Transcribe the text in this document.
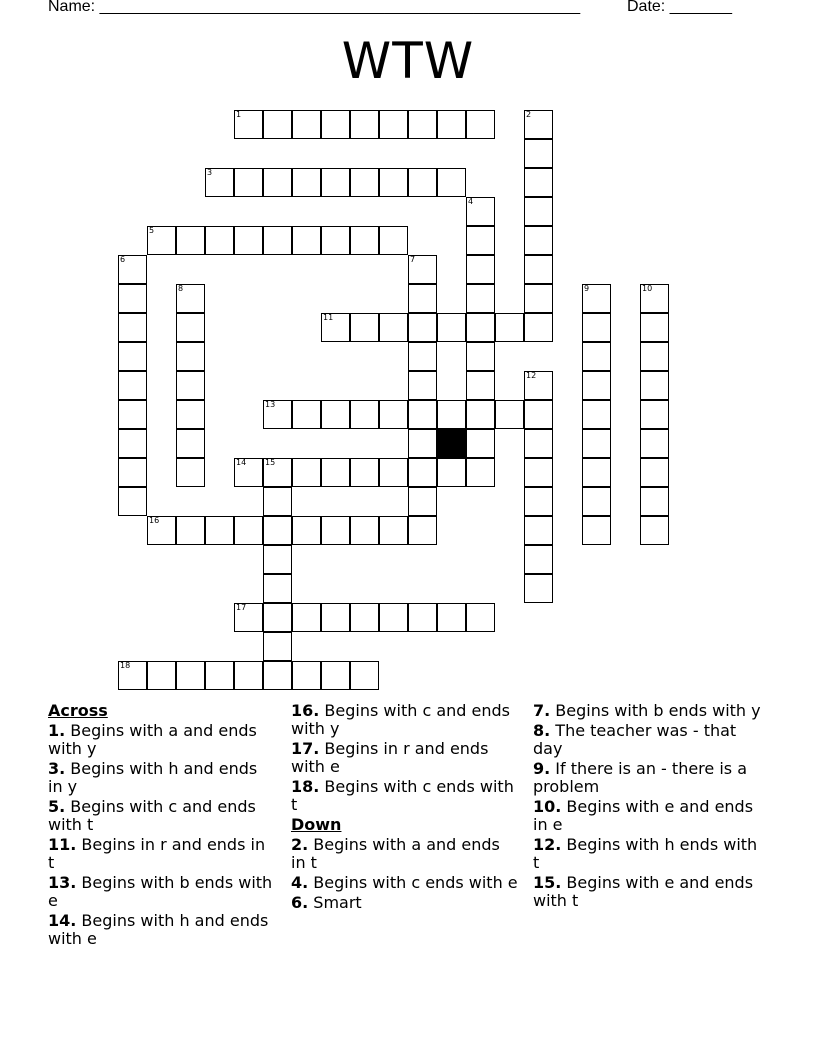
Name: ______________________________________________________	Date: _______
WTW
1
3
5
2
4
6	7
8	9	10
11
12
13
14 15
16
17
18
Across
1. Begins with a and ends with y
3. Begins with h and ends in y
5. Begins with c and ends with t
11. Begins in r and ends in t
13. Begins with b ends with e
14. Begins with h and ends with e
16. Begins with c and ends with y
17. Begins in r and ends with e
18. Begins with c ends with t
Down
2. Begins with a and ends in t
4. Begins with c ends with e
6. Smart
7. Begins with b ends with y
8. The teacher was - that day
9. If there is an - there is a problem
10. Begins with e and ends in e
12. Begins with h ends with t
15. Begins with e and ends with t
